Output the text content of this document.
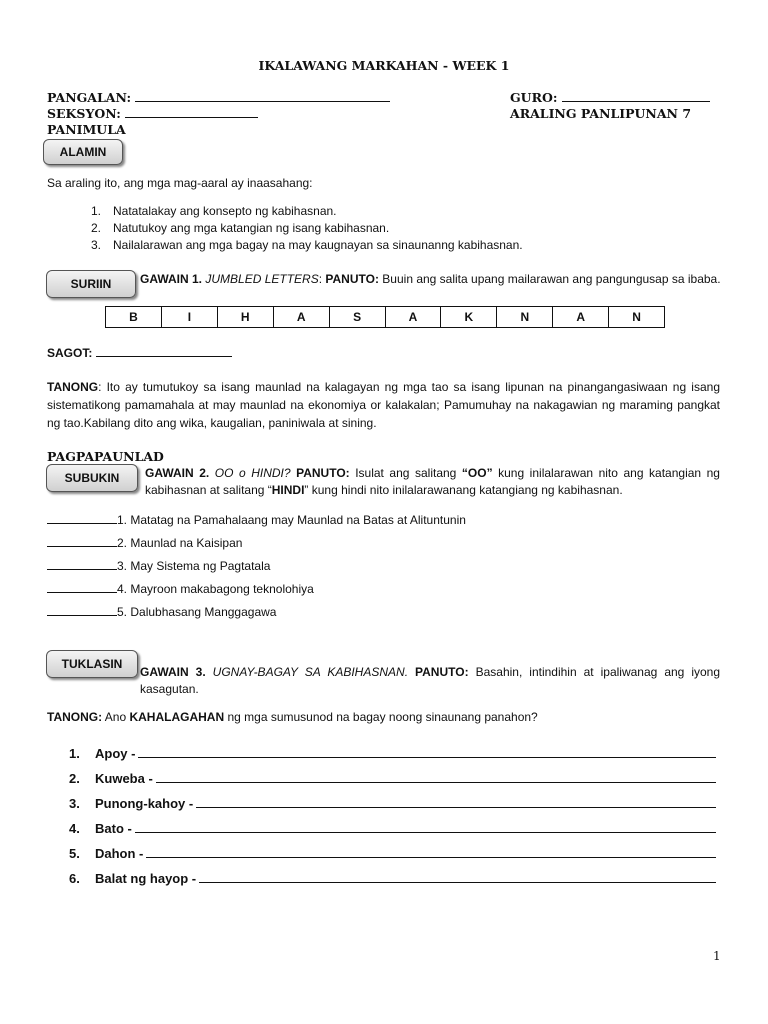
IKALAWANG MARKAHAN - WEEK 1
PANGALAN:	GURO:
SEKSYON:	ARALING PANLIPUNAN 7
PANIMULA
ALAMIN
Sa araling ito, ang mga mag-aaral ay inaasahang:
1. Natatalakay ang konsepto ng kabihasnan.
2. Natutukoy ang mga katangian ng isang kabihasnan.
3. Nailalarawan ang mga bagay na may kaugnayan sa sinaunanng kabihasnan.
SURIIN	GAWAIN 1. JUMBLED LETTERS: PANUTO: Buuin ang salita upang mailarawan ang pangungusap sa ibaba.
B	I	H	A	S	A	K	N	A	N
SAGOT:
TANONG: Ito ay tumutukoy sa isang maunlad na kalagayan ng mga tao sa isang lipunan na pinangangasiwaan ng isang sistematikong pamamahala at may maunlad na ekonomiya or kalakalan; Pamumuhay na nakagawian ng maraming pangkat ng tao.Kabilang dito ang wika, kaugalian, paniniwala at sining.
PAGPAPAUNLAD
SUBUKIN	GAWAIN 2. OO o HINDI? PANUTO: Isulat ang salitang “OO” kung inilalarawan nito ang katangian ng kabihasnan at salitang “HINDI” kung hindi nito inilalarawanang katangiang ng kabihasnan.
1. Matatag na Pamahalaang may Maunlad na Batas at Alituntunin
2. Maunlad na Kaisipan
3. May Sistema ng Pagtatala
4. Mayroon makabagong teknolohiya
5. Dalubhasang Manggagawa
TUKLASIN
GAWAIN 3. UGNAY-BAGAY SA KABIHASNAN. PANUTO: Basahin, intindihin at ipaliwanag ang iyong kasagutan.
TANONG: Ano KAHALAGAHAN ng mga sumusunod na bagay noong sinaunang panahon?
1.	Apoy -
2.	Kuweba -
3.	Punong-kahoy -
4.	Bato -
5.	Dahon -
6.	Balat ng hayop -
1
